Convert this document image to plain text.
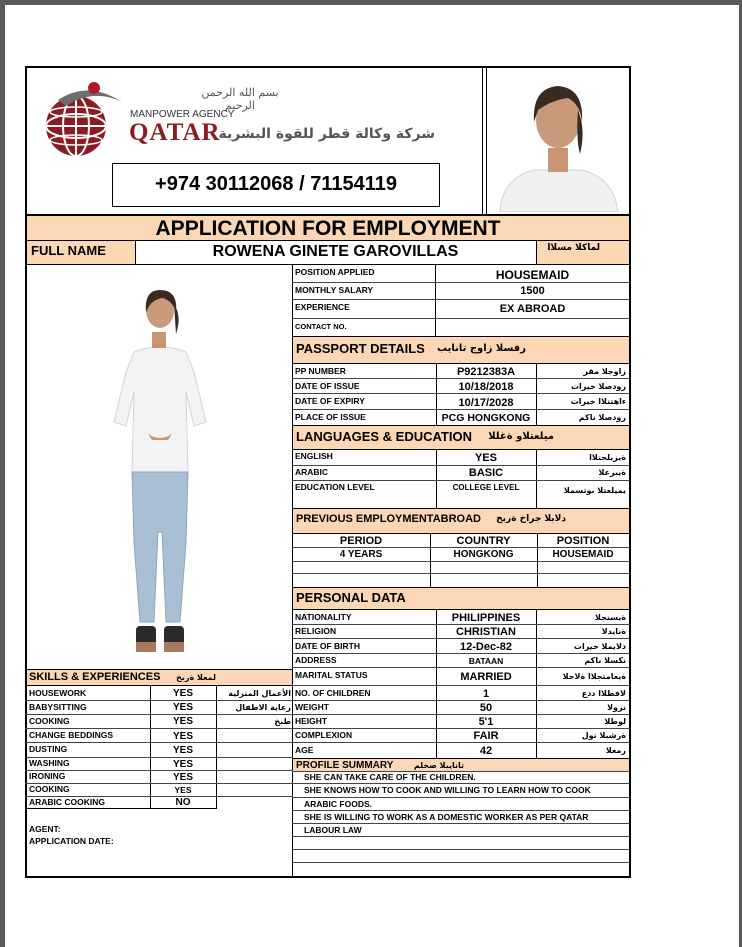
بسم الله الرحمن الرحيم
MANPOWER AGENCY
QATAR
شركة وكالة قطر للقوة البشرية
+974 30112068 / 71154119
APPLICATION FOR EMPLOYMENT
FULL NAME	ROWENA GINETE GAROVILLAS	لماكلا مسلاا
POSITION APPLIED	HOUSEMAID
MONTHLY SALARY	1500
EXPERIENCE	EX ABROAD
CONTACT NO.
PASSPORT DETAILS رفسلا زاوج تانايب
PP NUMBER	P9212383A	زاوجلا مقر
DATE OF ISSUE	10/18/2018	رودصلا خيرات
DATE OF EXPIRY	10/17/2028	ءاهتنلاا خيرات
PLACE OF ISSUE	PCG HONGKONG	رودصلا ناكم
LANGUAGES & EDUCATION	ميلعتلاو ةغللا
ENGLISH	YES	ةيزيلجنلاا
ARABIC	BASIC	ةيبرعلا
EDUCATION LEVEL	COLLEGE LEVEL	يميلعتلا ىوتسملا
PREVIOUS EMPLOYMENTABROAD دلابلا جراخ ةربخ
PERIOD	COUNTRY	POSITION
4 YEARS	HONGKONG	HOUSEMAID
PERSONAL DATA
NATIONALITY	PHILIPPINES	ةيسنجلا
RELIGION	CHRISTIAN	ةنايدلا
DATE OF BIRTH	12-Dec-82	دلايملا خيرات
ADDRESS	BATAAN	نكسلا ناكم
MARITAL STATUS	MARRIED	ةيعامتجلاا ةلاحلا
NO. OF CHILDREN	1	لافطلاا ددع
WEIGHT	50	نزولا
HEIGHT	5'1	لوطلا
COMPLEXION	FAIR	ةرشبلا نول
AGE	42	رمعلا
SKILLS & EXPERIENCES لمعلا ةربخ
HOUSEWORK	YES	الأعمال المنزلية
BABYSITTING	YES	رعاية الاطفال
COOKING	YES	طبخ
CHANGE BEDDINGS	YES
DUSTING	YES
WASHING	YES
IRONING	YES
COOKING	YES
ARABIC COOKING	NO
AGENT:
APPLICATION DATE:
PROFILE SUMMARY	تانايبلا صخلم
SHE CAN TAKE CARE OF THE CHILDREN.
SHE KNOWS HOW TO COOK AND WILLING TO LEARN HOW TO COOK
ARABIC FOODS.
SHE IS WILLING TO WORK AS A DOMESTIC WORKER AS PER QATAR
LABOUR LAW
